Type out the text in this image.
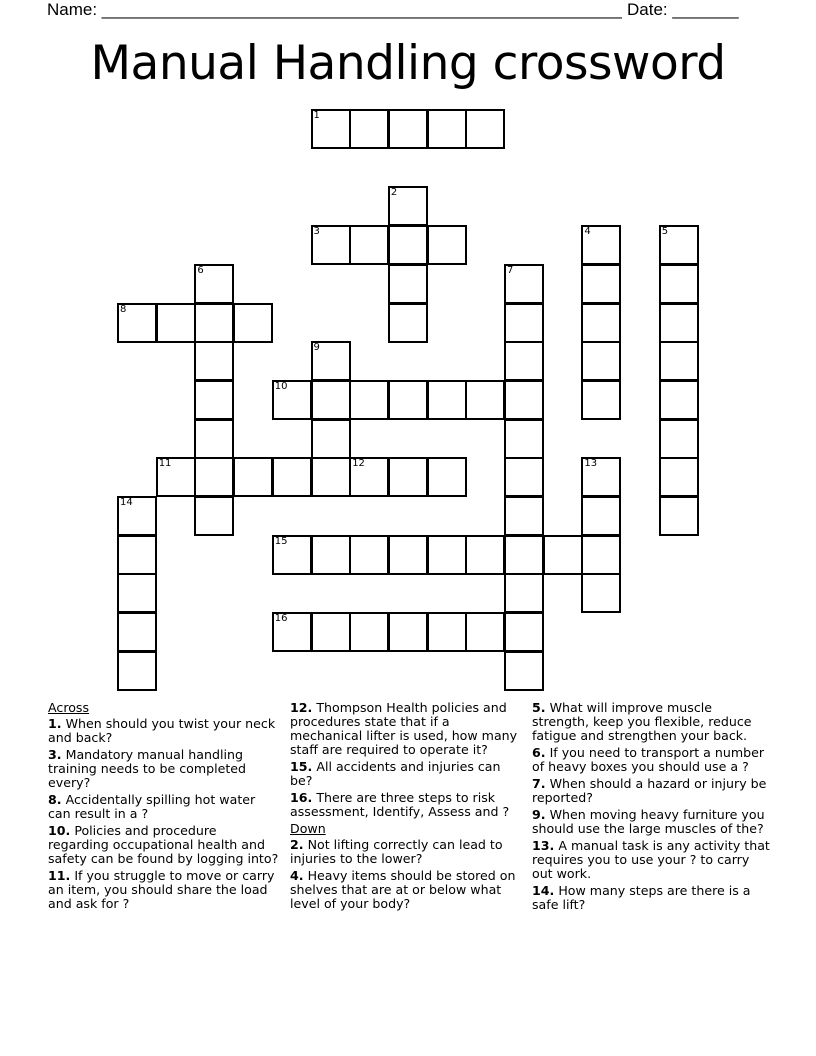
Name: _______________________________________________________ Date: _______
Manual Handling crossword
1
2
3	4	5
6	7
8
9
10
11	12	13
14
15
16
Across
1. When should you twist your neck and back?
3. Mandatory manual handling training needs to be completed every?
8. Accidentally spilling hot water can result in a ?
10. Policies and procedure regarding occupational health and safety can be found by logging into?
11. If you struggle to move or carry an item, you should share the load and ask for ?
12. Thompson Health policies and procedures state that if a mechanical lifter is used, how many staff are required to operate it?
15. All accidents and injuries can be?
16. There are three steps to risk assessment, Identify, Assess and ?
Down
2. Not lifting correctly can lead to injuries to the lower?
4. Heavy items should be stored on shelves that are at or below what level of your body?
5. What will improve muscle strength, keep you flexible, reduce fatigue and strengthen your back.
6. If you need to transport a number of heavy boxes you should use a ?
7. When should a hazard or injury be reported?
9. When moving heavy furniture you should use the large muscles of the?
13. A manual task is any activity that requires you to use your ? to carry out work.
14. How many steps are there is a safe lift?
